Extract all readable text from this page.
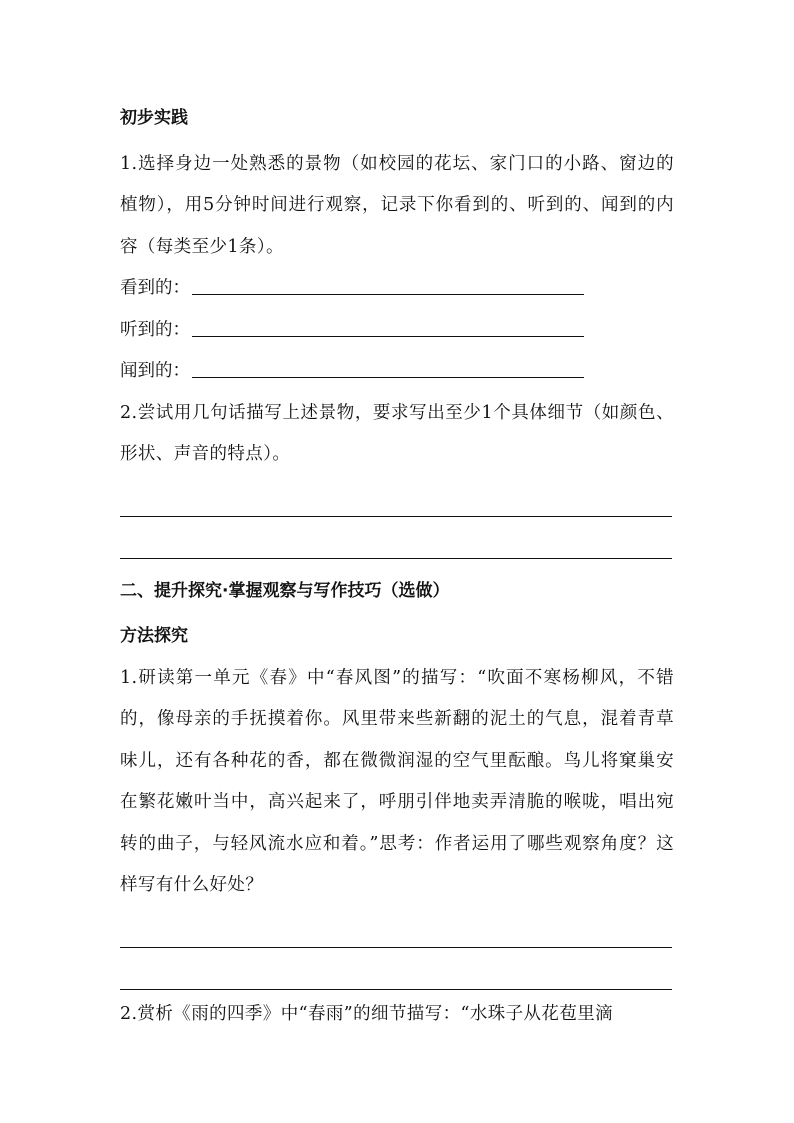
初步实践

1.选择身边一处熟悉的景物（如校园的花坛、家门口的小路、窗边的植物），用5分钟时间进行观察，记录下你看到的、听到的、闻到的内容（每类至少1条）。

看到的：
听到的：
闻到的：

2.尝试用几句话描写上述景物，要求写出至少1个具体细节（如颜色、形状、声音的特点）。

二、提升探究·掌握观察与写作技巧（选做）

方法探究

1.研读第一单元《春》中“春风图”的描写：“吹面不寒杨柳风，不错的，像母亲的手抚摸着你。风里带来些新翻的泥土的气息，混着青草味儿，还有各种花的香，都在微微润湿的空气里酝酿。鸟儿将窠巢安在繁花嫩叶当中，高兴起来了，呼朋引伴地卖弄清脆的喉咙，唱出宛转的曲子，与轻风流水应和着。”思考：作者运用了哪些观察角度？这样写有什么好处？

2.赏析《雨的四季》中“春雨”的细节描写：“水珠子从花苞里滴
